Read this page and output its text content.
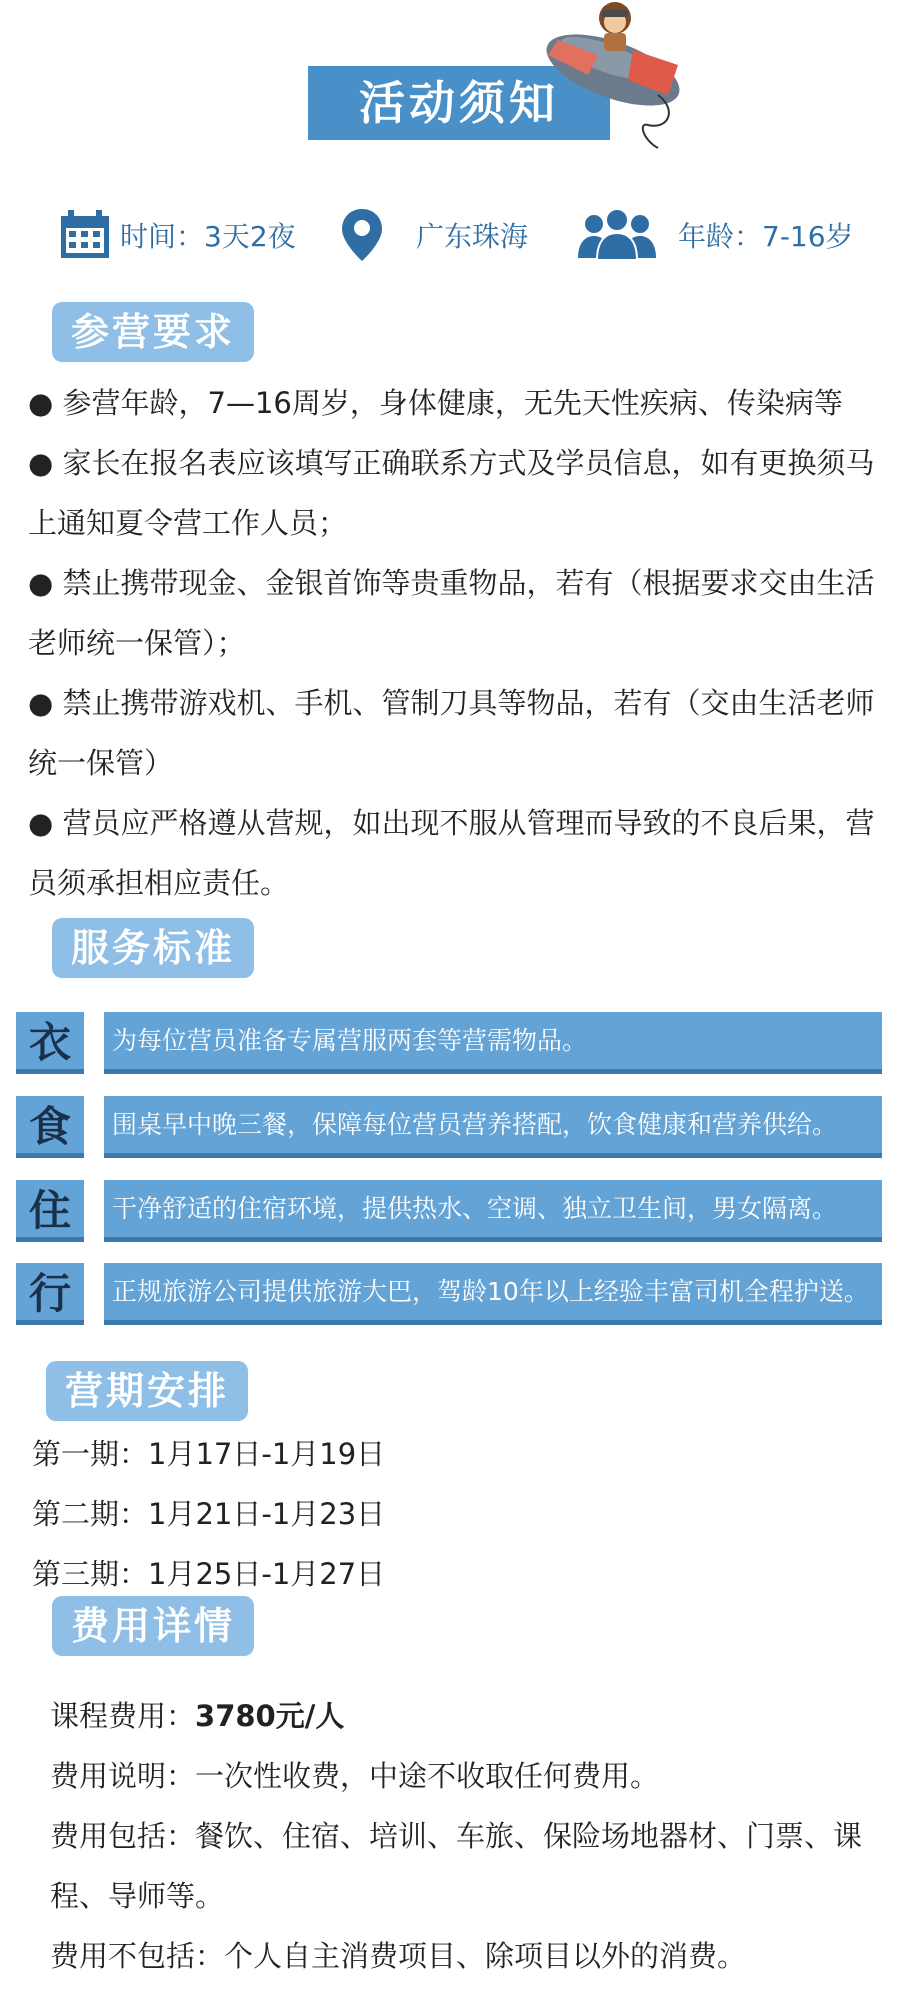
活动须知
时间：3天2夜	广东珠海	年龄：7-16岁
参营要求

● 参营年龄，7—16周岁，身体健康，无先天性疾病、传染病等

● 家长在报名表应该填写正确联系方式及学员信息，如有更换须马上通知夏令营工作人员；

● 禁止携带现金、金银首饰等贵重物品，若有（根据要求交由生活老师统一保管）；

● 禁止携带游戏机、手机、管制刀具等物品，若有（交由生活老师统一保管）

● 营员应严格遵从营规，如出现不服从管理而导致的不良后果，营员须承担相应责任。

服务标准
衣	为每位营员准备专属营服两套等营需物品。
食	围桌早中晚三餐，保障每位营员营养搭配，饮食健康和营养供给。
住	干净舒适的住宿环境，提供热水、空调、独立卫生间，男女隔离。
行	正规旅游公司提供旅游大巴，驾龄10年以上经验丰富司机全程护送。
营期安排
第一期：1月17日-1月19日
第二期：1月21日-1月23日
第三期：1月25日-1月27日
费用详情

课程费用：3780元/人

费用说明：一次性收费，中途不收取任何费用。

费用包括：餐饮、住宿、培训、车旅、保险场地器材、门票、课程、导师等。

费用不包括：个人自主消费项目、除项目以外的消费。
